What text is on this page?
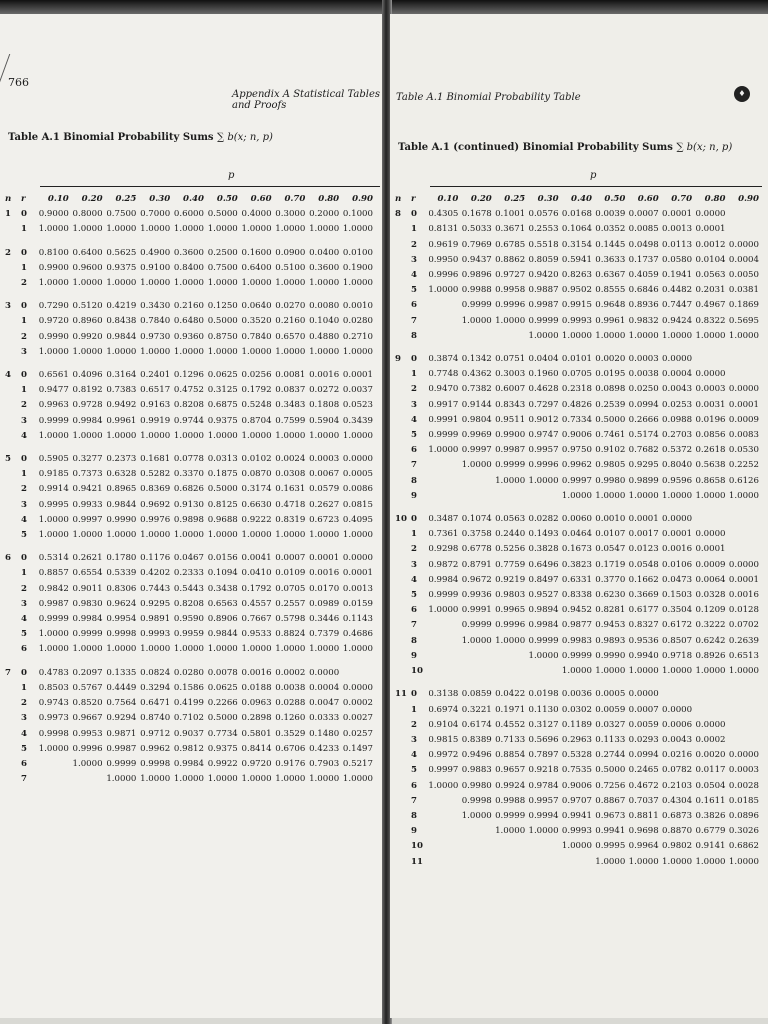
766
Appendix A Statistical Tables and Proofs
Table A.1 Binomial Probability Sums ∑ b(x; n, p)
p
n	r	0.10	0.20	0.25	0.30	0.40	0.50	0.60	0.70	0.80	0.90
1	0	0.9000	0.8000	0.7500	0.7000	0.6000	0.5000	0.4000	0.3000	0.2000	0.1000
	1	1.0000	1.0000	1.0000	1.0000	1.0000	1.0000	1.0000	1.0000	1.0000	1.0000

2	0	0.8100	0.6400	0.5625	0.4900	0.3600	0.2500	0.1600	0.0900	0.0400	0.0100
	1	0.9900	0.9600	0.9375	0.9100	0.8400	0.7500	0.6400	0.5100	0.3600	0.1900
	2	1.0000	1.0000	1.0000	1.0000	1.0000	1.0000	1.0000	1.0000	1.0000	1.0000

3	0	0.7290	0.5120	0.4219	0.3430	0.2160	0.1250	0.0640	0.0270	0.0080	0.0010
	1	0.9720	0.8960	0.8438	0.7840	0.6480	0.5000	0.3520	0.2160	0.1040	0.0280
	2	0.9990	0.9920	0.9844	0.9730	0.9360	0.8750	0.7840	0.6570	0.4880	0.2710
	3	1.0000	1.0000	1.0000	1.0000	1.0000	1.0000	1.0000	1.0000	1.0000	1.0000

4	0	0.6561	0.4096	0.3164	0.2401	0.1296	0.0625	0.0256	0.0081	0.0016	0.0001
	1	0.9477	0.8192	0.7383	0.6517	0.4752	0.3125	0.1792	0.0837	0.0272	0.0037
	2	0.9963	0.9728	0.9492	0.9163	0.8208	0.6875	0.5248	0.3483	0.1808	0.0523
	3	0.9999	0.9984	0.9961	0.9919	0.9744	0.9375	0.8704	0.7599	0.5904	0.3439
	4	1.0000	1.0000	1.0000	1.0000	1.0000	1.0000	1.0000	1.0000	1.0000	1.0000

5	0	0.5905	0.3277	0.2373	0.1681	0.0778	0.0313	0.0102	0.0024	0.0003	0.0000
	1	0.9185	0.7373	0.6328	0.5282	0.3370	0.1875	0.0870	0.0308	0.0067	0.0005
	2	0.9914	0.9421	0.8965	0.8369	0.6826	0.5000	0.3174	0.1631	0.0579	0.0086
	3	0.9995	0.9933	0.9844	0.9692	0.9130	0.8125	0.6630	0.4718	0.2627	0.0815
	4	1.0000	0.9997	0.9990	0.9976	0.9898	0.9688	0.9222	0.8319	0.6723	0.4095
	5	1.0000	1.0000	1.0000	1.0000	1.0000	1.0000	1.0000	1.0000	1.0000	1.0000

6	0	0.5314	0.2621	0.1780	0.1176	0.0467	0.0156	0.0041	0.0007	0.0001	0.0000
	1	0.8857	0.6554	0.5339	0.4202	0.2333	0.1094	0.0410	0.0109	0.0016	0.0001
	2	0.9842	0.9011	0.8306	0.7443	0.5443	0.3438	0.1792	0.0705	0.0170	0.0013
	3	0.9987	0.9830	0.9624	0.9295	0.8208	0.6563	0.4557	0.2557	0.0989	0.0159
	4	0.9999	0.9984	0.9954	0.9891	0.9590	0.8906	0.7667	0.5798	0.3446	0.1143
	5	1.0000	0.9999	0.9998	0.9993	0.9959	0.9844	0.9533	0.8824	0.7379	0.4686
	6	1.0000	1.0000	1.0000	1.0000	1.0000	1.0000	1.0000	1.0000	1.0000	1.0000

7	0	0.4783	0.2097	0.1335	0.0824	0.0280	0.0078	0.0016	0.0002	0.0000	
	1	0.8503	0.5767	0.4449	0.3294	0.1586	0.0625	0.0188	0.0038	0.0004	0.0000
	2	0.9743	0.8520	0.7564	0.6471	0.4199	0.2266	0.0963	0.0288	0.0047	0.0002
	3	0.9973	0.9667	0.9294	0.8740	0.7102	0.5000	0.2898	0.1260	0.0333	0.0027
	4	0.9998	0.9953	0.9871	0.9712	0.9037	0.7734	0.5801	0.3529	0.1480	0.0257
	5	1.0000	0.9996	0.9987	0.9962	0.9812	0.9375	0.8414	0.6706	0.4233	0.1497
	6		1.0000	0.9999	0.9998	0.9984	0.9922	0.9720	0.9176	0.7903	0.5217
	7			1.0000	1.0000	1.0000	1.0000	1.0000	1.0000	1.0000	1.0000
Table A.1 Binomial Probability Table	♦
Table A.1 (continued) Binomial Probability Sums ∑ b(x; n, p)
p
n	r	0.10	0.20	0.25	0.30	0.40	0.50	0.60	0.70	0.80	0.90
8	0	0.4305	0.1678	0.1001	0.0576	0.0168	0.0039	0.0007	0.0001	0.0000	
	1	0.8131	0.5033	0.3671	0.2553	0.1064	0.0352	0.0085	0.0013	0.0001	
	2	0.9619	0.7969	0.6785	0.5518	0.3154	0.1445	0.0498	0.0113	0.0012	0.0000
	3	0.9950	0.9437	0.8862	0.8059	0.5941	0.3633	0.1737	0.0580	0.0104	0.0004
	4	0.9996	0.9896	0.9727	0.9420	0.8263	0.6367	0.4059	0.1941	0.0563	0.0050
	5	1.0000	0.9988	0.9958	0.9887	0.9502	0.8555	0.6846	0.4482	0.2031	0.0381
	6		0.9999	0.9996	0.9987	0.9915	0.9648	0.8936	0.7447	0.4967	0.1869
	7		1.0000	1.0000	0.9999	0.9993	0.9961	0.9832	0.9424	0.8322	0.5695
	8				1.0000	1.0000	1.0000	1.0000	1.0000	1.0000	1.0000

9	0	0.3874	0.1342	0.0751	0.0404	0.0101	0.0020	0.0003	0.0000		
	1	0.7748	0.4362	0.3003	0.1960	0.0705	0.0195	0.0038	0.0004	0.0000	
	2	0.9470	0.7382	0.6007	0.4628	0.2318	0.0898	0.0250	0.0043	0.0003	0.0000
	3	0.9917	0.9144	0.8343	0.7297	0.4826	0.2539	0.0994	0.0253	0.0031	0.0001
	4	0.9991	0.9804	0.9511	0.9012	0.7334	0.5000	0.2666	0.0988	0.0196	0.0009
	5	0.9999	0.9969	0.9900	0.9747	0.9006	0.7461	0.5174	0.2703	0.0856	0.0083
	6	1.0000	0.9997	0.9987	0.9957	0.9750	0.9102	0.7682	0.5372	0.2618	0.0530
	7		1.0000	0.9999	0.9996	0.9962	0.9805	0.9295	0.8040	0.5638	0.2252
	8			1.0000	1.0000	0.9997	0.9980	0.9899	0.9596	0.8658	0.6126
	9					1.0000	1.0000	1.0000	1.0000	1.0000	1.0000

10	0	0.3487	0.1074	0.0563	0.0282	0.0060	0.0010	0.0001	0.0000		
	1	0.7361	0.3758	0.2440	0.1493	0.0464	0.0107	0.0017	0.0001	0.0000	
	2	0.9298	0.6778	0.5256	0.3828	0.1673	0.0547	0.0123	0.0016	0.0001	
	3	0.9872	0.8791	0.7759	0.6496	0.3823	0.1719	0.0548	0.0106	0.0009	0.0000
	4	0.9984	0.9672	0.9219	0.8497	0.6331	0.3770	0.1662	0.0473	0.0064	0.0001
	5	0.9999	0.9936	0.9803	0.9527	0.8338	0.6230	0.3669	0.1503	0.0328	0.0016
	6	1.0000	0.9991	0.9965	0.9894	0.9452	0.8281	0.6177	0.3504	0.1209	0.0128
	7		0.9999	0.9996	0.9984	0.9877	0.9453	0.8327	0.6172	0.3222	0.0702
	8		1.0000	1.0000	0.9999	0.9983	0.9893	0.9536	0.8507	0.6242	0.2639
	9				1.0000	0.9999	0.9990	0.9940	0.9718	0.8926	0.6513
	10					1.0000	1.0000	1.0000	1.0000	1.0000	1.0000

11	0	0.3138	0.0859	0.0422	0.0198	0.0036	0.0005	0.0000			
	1	0.6974	0.3221	0.1971	0.1130	0.0302	0.0059	0.0007	0.0000		
	2	0.9104	0.6174	0.4552	0.3127	0.1189	0.0327	0.0059	0.0006	0.0000	
	3	0.9815	0.8389	0.7133	0.5696	0.2963	0.1133	0.0293	0.0043	0.0002	
	4	0.9972	0.9496	0.8854	0.7897	0.5328	0.2744	0.0994	0.0216	0.0020	0.0000
	5	0.9997	0.9883	0.9657	0.9218	0.7535	0.5000	0.2465	0.0782	0.0117	0.0003
	6	1.0000	0.9980	0.9924	0.9784	0.9006	0.7256	0.4672	0.2103	0.0504	0.0028
	7		0.9998	0.9988	0.9957	0.9707	0.8867	0.7037	0.4304	0.1611	0.0185
	8		1.0000	0.9999	0.9994	0.9941	0.9673	0.8811	0.6873	0.3826	0.0896
	9			1.0000	1.0000	0.9993	0.9941	0.9698	0.8870	0.6779	0.3026
	10					1.0000	0.9995	0.9964	0.9802	0.9141	0.6862
	11						1.0000	1.0000	1.0000	1.0000	1.0000
